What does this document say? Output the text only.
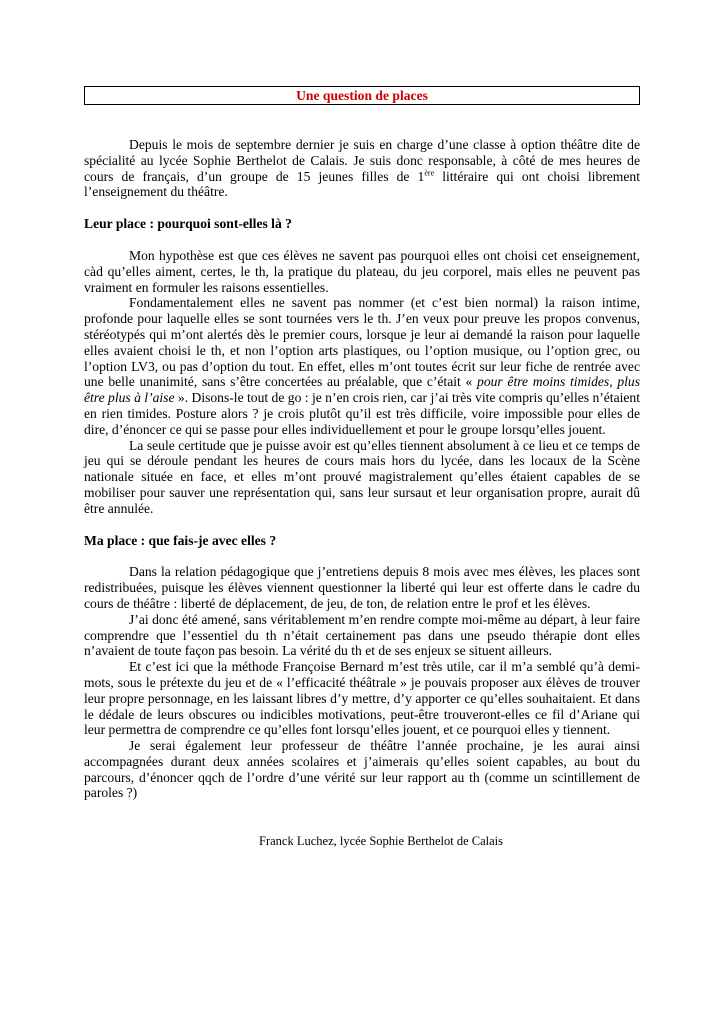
Une question de places

Depuis le mois de septembre dernier je suis en charge d’une classe à option théâtre dite de spécialité au lycée Sophie Berthelot de Calais. Je suis donc responsable, à côté de mes heures de cours de français, d’un groupe de 15 jeunes filles de 1ère littéraire qui ont choisi librement l’enseignement du théâtre.

Leur place : pourquoi sont-elles là ?

Mon hypothèse est que ces élèves ne savent pas pourquoi elles ont choisi cet enseignement, càd qu’elles aiment, certes, le th, la pratique du plateau, du jeu corporel, mais elles ne peuvent pas vraiment en formuler les raisons essentielles.

Fondamentalement elles ne savent pas nommer (et c’est bien normal) la raison intime, profonde pour laquelle elles se sont tournées vers le th. J’en veux pour preuve les propos convenus, stéréotypés qui m’ont alertés dès le premier cours, lorsque je leur ai demandé la raison pour laquelle elles avaient choisi le th, et non l’option arts plastiques, ou l’option musique, ou l’option grec, ou l’option LV3, ou pas d’option du tout. En effet, elles m’ont toutes écrit sur leur fiche de rentrée avec une belle unanimité, sans s’être concertées au préalable, que c’était « pour être moins timides, plus être plus à l’aise ». Disons-le tout de go : je n’en crois rien, car j’ai très vite compris qu’elles n’étaient en rien timides. Posture alors ? je crois plutôt qu’il est très difficile, voire impossible pour elles de dire, d’énoncer ce qui se passe pour elles individuellement et pour le groupe lorsqu’elles jouent.

La seule certitude que je puisse avoir est qu’elles tiennent absolument à ce lieu et ce temps de jeu qui se déroule pendant les heures de cours mais hors du lycée, dans les locaux de la Scène nationale située en face, et elles m’ont prouvé magistralement qu’elles étaient capables de se mobiliser pour sauver une représentation qui, sans leur sursaut et leur organisation propre, aurait dû être annulée.

Ma place : que fais-je avec elles ?

Dans la relation pédagogique que j’entretiens depuis 8 mois avec mes élèves, les places sont redistribuées, puisque les élèves viennent questionner la liberté qui leur est offerte dans le cadre du cours de théâtre : liberté de déplacement, de jeu, de ton, de relation entre le prof et les élèves.

J’ai donc été amené, sans véritablement m’en rendre compte moi-même au départ, à leur faire comprendre que l’essentiel du th n’était certainement pas dans une pseudo thérapie dont elles n’avaient de toute façon pas besoin. La vérité du th et de ses enjeux se situent ailleurs.

Et c’est ici que la méthode Françoise Bernard m’est très utile, car il m’a semblé qu’à demi-mots, sous le prétexte du jeu et de « l’efficacité théâtrale » je pouvais proposer aux élèves de trouver leur propre personnage, en les laissant libres d’y mettre, d’y apporter ce qu’elles souhaitaient. Et dans le dédale de leurs obscures ou indicibles motivations, peut-être trouveront-elles ce fil d’Ariane qui leur permettra de comprendre ce qu’elles font lorsqu’elles jouent, et ce pourquoi elles y tiennent.

Je serai également leur professeur de théâtre l’année prochaine, je les aurai ainsi accompagnées durant deux années scolaires et j’aimerais qu’elles soient capables, au bout du parcours, d’énoncer qqch de l’ordre d’une vérité sur leur rapport au th (comme un scintillement de paroles ?)

Franck Luchez, lycée Sophie Berthelot de Calais
